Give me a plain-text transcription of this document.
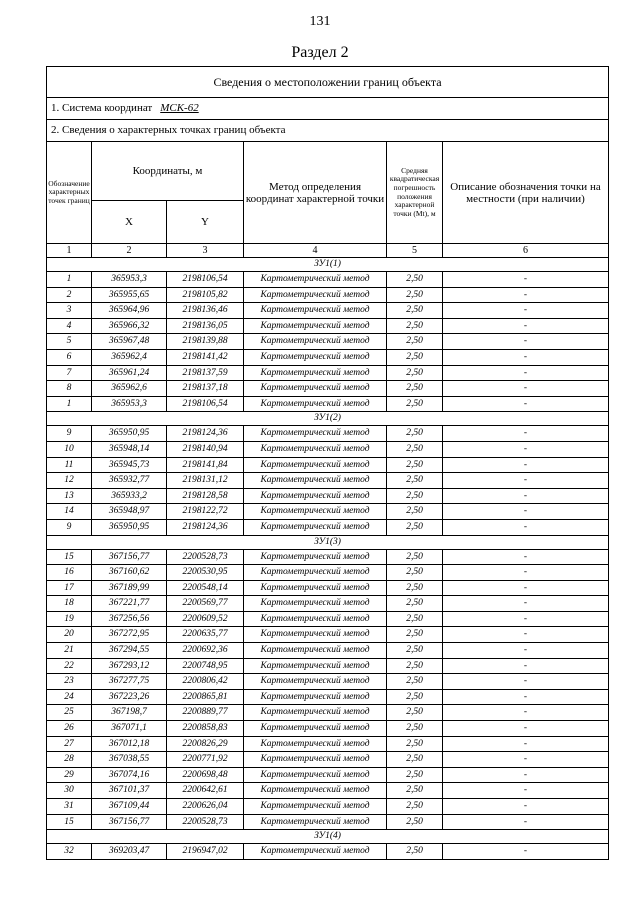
131
Раздел 2
Сведения о местоположении границ объекта					
1. Система координат МСК-62					
2. Сведения о характерных точках границ объекта					
Обозначение характерных точек границ	Координаты, м		Метод определения координат характерной точки	Средняя квадратическая погрешность положения характерной точки (Mt), м	Описание обозначения точки на местности (при наличии)
	X	Y			
1	2	3	4	5	6
ЗУ1(1)					
1	365953,3	2198106,54	Картометрический метод	2,50	-
2	365955,65	2198105,82	Картометрический метод	2,50	-
3	365964,96	2198136,46	Картометрический метод	2,50	-
4	365966,32	2198136,05	Картометрический метод	2,50	-
5	365967,48	2198139,88	Картометрический метод	2,50	-
6	365962,4	2198141,42	Картометрический метод	2,50	-
7	365961,24	2198137,59	Картометрический метод	2,50	-
8	365962,6	2198137,18	Картометрический метод	2,50	-
1	365953,3	2198106,54	Картометрический метод	2,50	-
ЗУ1(2)					
9	365950,95	2198124,36	Картометрический метод	2,50	-
10	365948,14	2198140,94	Картометрический метод	2,50	-
11	365945,73	2198141,84	Картометрический метод	2,50	-
12	365932,77	2198131,12	Картометрический метод	2,50	-
13	365933,2	2198128,58	Картометрический метод	2,50	-
14	365948,97	2198122,72	Картометрический метод	2,50	-
9	365950,95	2198124,36	Картометрический метод	2,50	-
ЗУ1(3)					
15	367156,77	2200528,73	Картометрический метод	2,50	-
16	367160,62	2200530,95	Картометрический метод	2,50	-
17	367189,99	2200548,14	Картометрический метод	2,50	-
18	367221,77	2200569,77	Картометрический метод	2,50	-
19	367256,56	2200609,52	Картометрический метод	2,50	-
20	367272,95	2200635,77	Картометрический метод	2,50	-
21	367294,55	2200692,36	Картометрический метод	2,50	-
22	367293,12	2200748,95	Картометрический метод	2,50	-
23	367277,75	2200806,42	Картометрический метод	2,50	-
24	367223,26	2200865,81	Картометрический метод	2,50	-
25	367198,7	2200889,77	Картометрический метод	2,50	-
26	367071,1	2200858,83	Картометрический метод	2,50	-
27	367012,18	2200826,29	Картометрический метод	2,50	-
28	367038,55	2200771,92	Картометрический метод	2,50	-
29	367074,16	2200698,48	Картометрический метод	2,50	-
30	367101,37	2200642,61	Картометрический метод	2,50	-
31	367109,44	2200626,04	Картометрический метод	2,50	-
15	367156,77	2200528,73	Картометрический метод	2,50	-
ЗУ1(4)					
32	369203,47	2196947,02	Картометрический метод	2,50	-
